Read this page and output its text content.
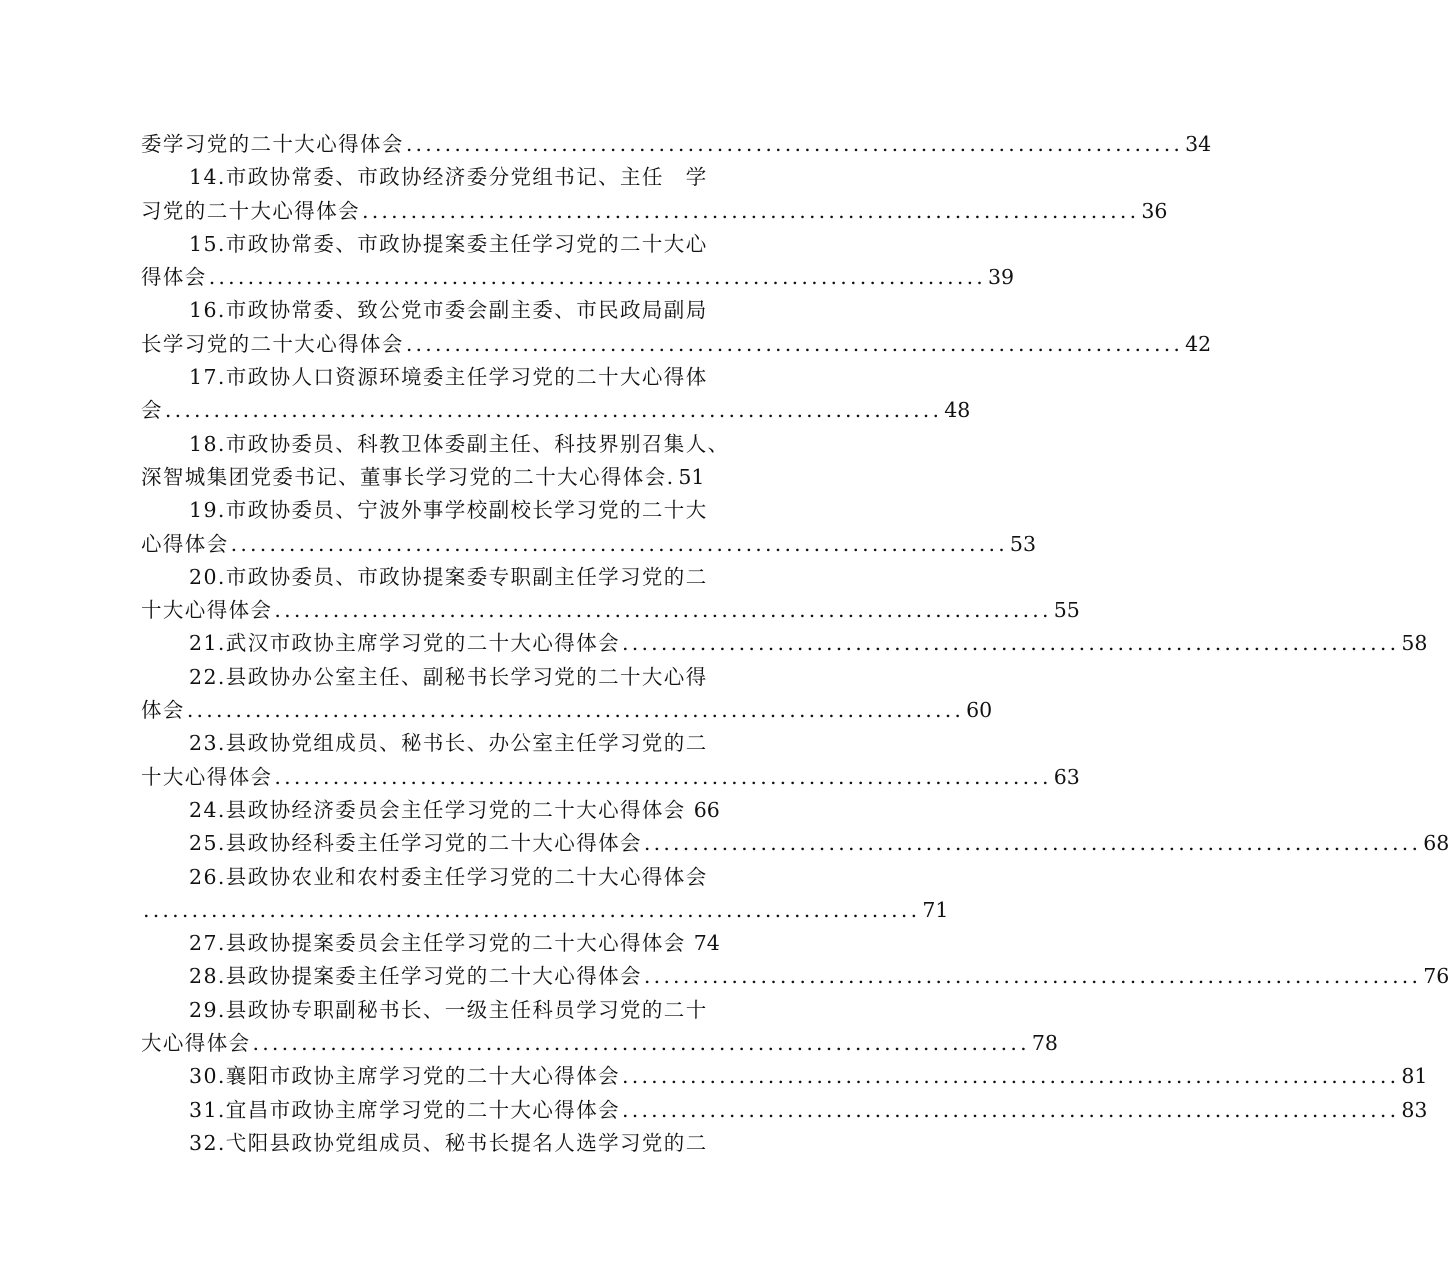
委学习党的二十大心得体会 ................................................................................ 34
14.市政协常委、市政协经济委分党组书记、主任　学
习党的二十大心得体会 ................................................................................ 36
15.市政协常委、市政协提案委主任学习党的二十大心
得体会 ................................................................................ 39
16.市政协常委、致公党市委会副主委、市民政局副局
长学习党的二十大心得体会 ................................................................................ 42
17.市政协人口资源环境委主任学习党的二十大心得体
会 ................................................................................ 48
18.市政协委员、科教卫体委副主任、科技界别召集人、
深智城集团党委书记、董事长学习党的二十大心得体会 . 51
19.市政协委员、宁波外事学校副校长学习党的二十大
心得体会 ................................................................................ 53
20.市政协委员、市政协提案委专职副主任学习党的二
十大心得体会 ................................................................................ 55
21.武汉市政协主席学习党的二十大心得体会 ................................................................................ 58
22.县政协办公室主任、副秘书长学习党的二十大心得
体会 ................................................................................ 60
23.县政协党组成员、秘书长、办公室主任学习党的二
十大心得体会 ................................................................................ 63
24.县政协经济委员会主任学习党的二十大心得体会 66
25.县政协经科委主任学习党的二十大心得体会 ................................................................................ 68
26.县政协农业和农村委主任学习党的二十大心得体会
................................................................................ 71
27.县政协提案委员会主任学习党的二十大心得体会 74
28.县政协提案委主任学习党的二十大心得体会 ................................................................................ 76
29.县政协专职副秘书长、一级主任科员学习党的二十
大心得体会 ................................................................................ 78
30.襄阳市政协主席学习党的二十大心得体会 ................................................................................ 81
31.宜昌市政协主席学习党的二十大心得体会 ................................................................................ 83
32.弋阳县政协党组成员、秘书长提名人选学习党的二
